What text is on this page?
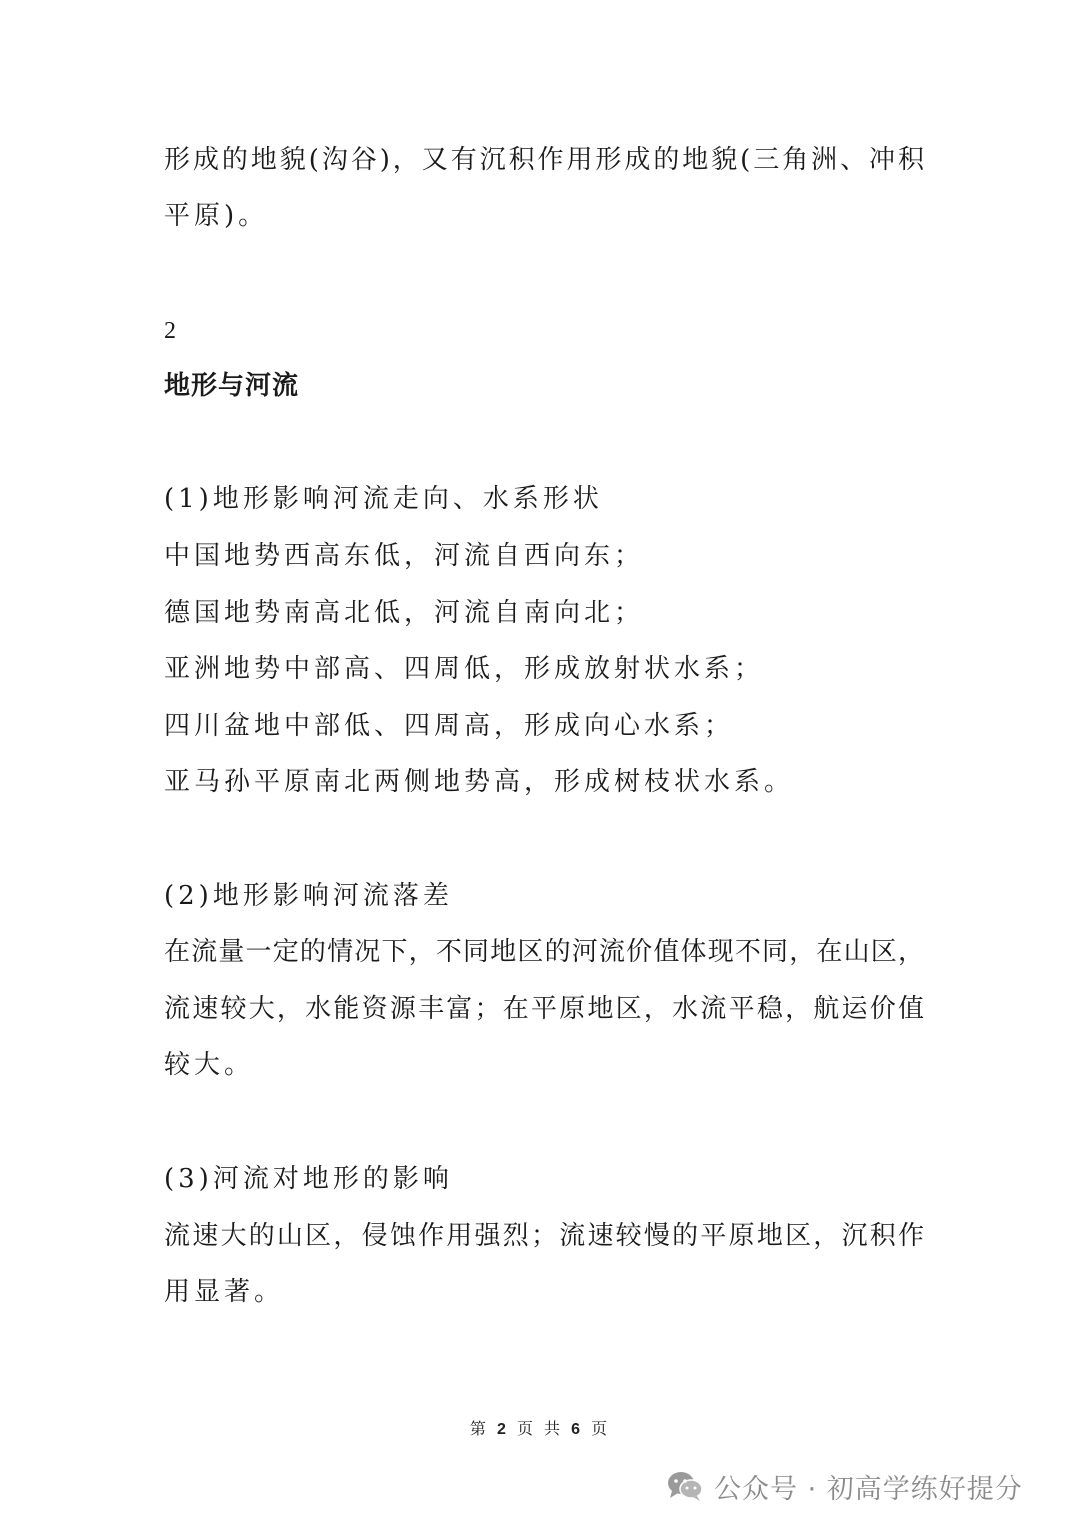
形成的地貌(沟谷)，又有沉积作用形成的地貌(三角洲、冲积
平原)。
2
地形与河流
(1)地形影响河流走向、水系形状
中国地势西高东低，河流自西向东；
德国地势南高北低，河流自南向北；
亚洲地势中部高、四周低，形成放射状水系；
四川盆地中部低、四周高，形成向心水系；
亚马孙平原南北两侧地势高，形成树枝状水系。
(2)地形影响河流落差
在流量一定的情况下，不同地区的河流价值体现不同，在山区，
流速较大，水能资源丰富；在平原地区，水流平稳，航运价值
较大。
(3)河流对地形的影响
流速大的山区，侵蚀作用强烈；流速较慢的平原地区，沉积作
用显著。
第 2 页 共 6 页
公众号 · 初高学练好提分
